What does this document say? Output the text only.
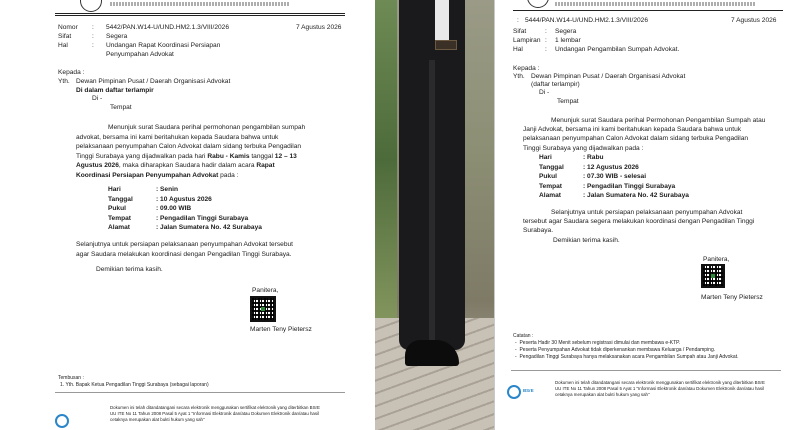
Nomor : 5442/PAN.W14-U/UND.HM2.1.3/VIII/2026	7 Agustus 2026
Sifat	: Segera
Hal	: Undangan Rapat Koordinasi Persiapan
Penyumpahan Advokat
Kepada :
Yth. Dewan Pimpinan Pusat / Daerah Organisasi Advokat
Di dalam daftar terlampir
Di -
Tempat
Menunjuk surat Saudara perihal permohonan pengambilan sumpah
advokat, bersama ini kami beritahukan kepada Saudara bahwa untuk
pelaksanaan penyumpahan Calon Advokat dalam sidang terbuka Pengadilan
Tinggi Surabaya yang dijadwalkan pada hari Rabu - Kamis tanggal 12 – 13
Agustus 2026, maka diharapkan Saudara hadir dalam acara Rapat
Koordinasi Persiapan Penyumpahan Advokat pada :
Hari	: Senin
Tanggal	: 10 Agustus 2026
Pukul	: 09.00 WIB
Tempat	: Pengadilan Tinggi Surabaya
Alamat	: Jalan Sumatera No. 42 Surabaya
Selanjutnya untuk persiapan pelaksanaan penyumpahan Advokat tersebut
agar Saudara melakukan koordinasi dengan Pengadilan Tinggi Surabaya.
Demikian terima kasih.
Panitera,
Marten Teny Pietersz
Tembusan :
1. Yth. Bapak Ketua Pengadilan Tinggi Surabaya (sebagai laporan)
Dokumen ini telah ditandatangani secara elektronik menggunakan sertifikat elektronik yang diterbitkan BSrE
UU ITE No 11 Tahun 2008 Pasal 5 Ayat 1 "Informasi Elektronik dan/atau Dokumen Elektronik dan/atau hasil
cetaknya merupakan alat bukti hukum yang sah"
: 5444/PAN.W14-U/UND.HM2.1.3/VIII/2026	7 Agustus 2026
Sifat	: Segera
Lampiran : 1 lembar
Hal	: Undangan Pengambilan Sumpah Advokat.
Kepada :
Yth. Dewan Pimpinan Pusat / Daerah Organisasi Advokat
(daftar terlampir)
Di -
Tempat
Menunjuk surat Saudara perihal Permohonan Pengambilan Sumpah atau
Janji Advokat, bersama ini kami beritahukan kepada Saudara bahwa untuk
pelaksanaan penyumpahan Calon Advokat dalam sidang terbuka Pengadilan
Tinggi Surabaya yang dijadwalkan pada :
Hari	: Rabu
Tanggal	: 12 Agustus 2026
Pukul	: 07.30 WIB - selesai
Tempat	: Pengadilan Tinggi Surabaya
Alamat	: Jalan Sumatera No. 42 Surabaya
Selanjutnya untuk persiapan pelaksanaan penyumpahan Advokat
tersebut agar Saudara segera melakukan koordinasi dengan Pengadilan Tinggi
Surabaya.
Demikian terima kasih.
Panitera,
Marten Teny Pietersz
Catatan :
-  Peserta Hadir 30 Menit sebelum registrasi dimulai dan membawa e-KTP.
-  Peserta Penyumpahan Advokat tidak diperkenankan membawa Keluarga / Pendamping.
-  Pengadilan Tinggi Surabaya hanya melaksanakan acara Pengambilan Sumpah atau Janji Advokat.
BSrE
Dokumen ini telah ditandatangani secara elektronik menggunakan sertifikat elektronik yang diterbitkan BSrE
UU ITE No 11 Tahun 2008 Pasal 5 Ayat 1 "Informasi Elektronik dan/atau Dokumen Elektronik dan/atau hasil
cetaknya merupakan alat bukti hukum yang sah"
